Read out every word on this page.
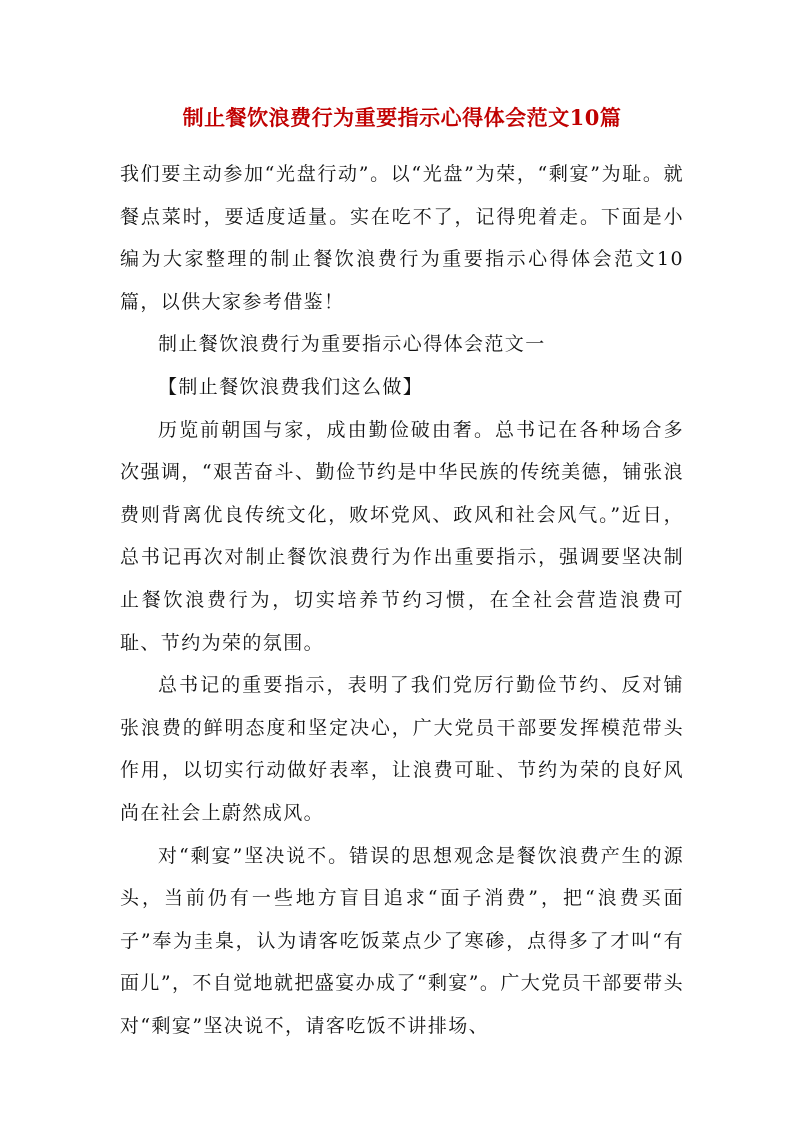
制止餐饮浪费行为重要指示心得体会范文10篇

我们要主动参加“光盘行动”。以“光盘”为荣，“剩宴”为耻。就餐点菜时，要适度适量。实在吃不了，记得兜着走。下面是小编为大家整理的制止餐饮浪费行为重要指示心得体会范文10篇，以供大家参考借鉴！

制止餐饮浪费行为重要指示心得体会范文一

【制止餐饮浪费我们这么做】

历览前朝国与家，成由勤俭破由奢。总书记在各种场合多次强调，“艰苦奋斗、勤俭节约是中华民族的传统美德，铺张浪费则背离优良传统文化，败坏党风、政风和社会风气。”近日，总书记再次对制止餐饮浪费行为作出重要指示，强调要坚决制止餐饮浪费行为，切实培养节约习惯，在全社会营造浪费可耻、节约为荣的氛围。

总书记的重要指示，表明了我们党厉行勤俭节约、反对铺张浪费的鲜明态度和坚定决心，广大党员干部要发挥模范带头作用，以切实行动做好表率，让浪费可耻、节约为荣的良好风尚在社会上蔚然成风。

对“剩宴”坚决说不。错误的思想观念是餐饮浪费产生的源头，当前仍有一些地方盲目追求“面子消费”，把“浪费买面子”奉为圭臬，认为请客吃饭菜点少了寒碜，点得多了才叫“有面儿”，不自觉地就把盛宴办成了“剩宴”。广大党员干部要带头对“剩宴”坚决说不，请客吃饭不讲排场、
